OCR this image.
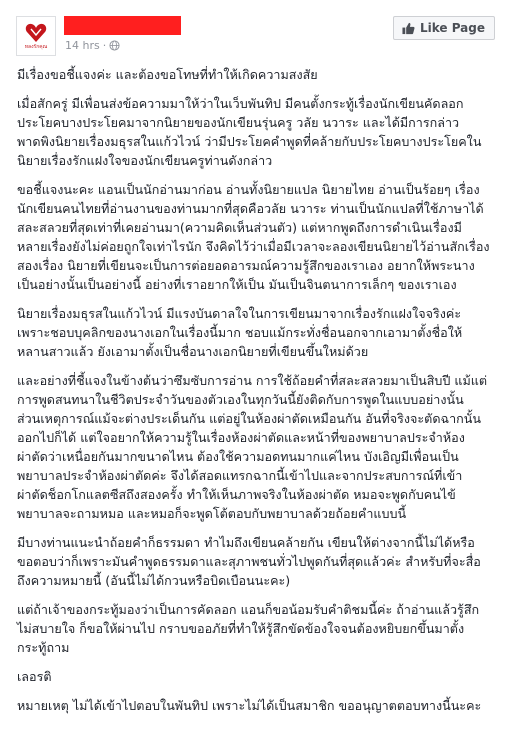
หลงรักคุณ 14 hrs ·
Like Page

มีเรื่องขอชี้แจงค่ะ และต้องขอโทษที่ทำให้เกิดความสงสัย

เมื่อสักครู่ มีเพื่อนส่งข้อความมาให้ว่าในเว็บพันทิป มีคนตั้งกระทู้เรื่องนักเขียนคัดลอกประโยคบางประโยคมาจากนิยายของนักเขียนรุ่นครู วลัย นวาระ และได้มีการกล่าวพาดพิงนิยายเรื่องมธุรสในแก้วไวน์ ว่ามีประโยคคำพูดที่คล้ายกับประโยคบางประโยคในนิยายเรื่องรักแฝงใจของนักเขียนครูท่านดังกล่าว

ขอชี้แจงนะคะ แอนเป็นนักอ่านมาก่อน อ่านทั้งนิยายแปล นิยายไทย อ่านเป็นร้อยๆ เรื่อง นักเขียนคนไทยที่อ่านงานของท่านมากที่สุดคือวลัย นวาระ ท่านเป็นนักแปลที่ใช้ภาษาได้สละสลวยที่สุดเท่าที่เคยอ่านมา(ความคิดเห็นส่วนตัว) แต่หากพูดถึงการดำเนินเรื่องมีหลายเรื่องยังไม่ค่อยถูกใจเท่าไรนัก จึงคิดไว้ว่าเมื่อมีเวลาจะลองเขียนนิยายไว้อ่านสักเรื่องสองเรื่อง นิยายที่เขียนจะเป็นการต่อยอดอารมณ์ความรู้สึกของเราเอง อยากให้พระนางเป็นอย่างนั้นเป็นอย่างนี้ อย่างที่เราอยากให้เป็น มันเป็นจินตนาการเล็กๆ ของเราเอง

นิยายเรื่องมธุรสในแก้วไวน์ มีแรงบันดาลใจในการเขียนมาจากเรื่องรักแฝงใจจริงค่ะ เพราะชอบบุคลิกของนางเอกในเรื่องนี้มาก ชอบแม้กระทั่งชื่อนอกจากเอามาตั้งชื่อให้หลานสาวแล้ว ยังเอามาตั้งเป็นชื่อนางเอกนิยายที่เขียนขึ้นใหม่ด้วย

และอย่างที่ชี้แจงในข้างต้นว่าซึมซับการอ่าน การใช้ถ้อยคำที่สละสลวยมาเป็นสิบปี แม้แต่การพูดสนทนาในชีวิตประจำวันของตัวเองในทุกวันนี้ยังติดกับการพูดในแบบอย่างนั้น ส่วนเหตุการณ์แม้จะต่างประเด็นกัน แต่อยู่ในห้องผ่าตัดเหมือนกัน อันที่จริงจะตัดฉากนั้นออกไปก็ได้ แต่ใจอยากให้ความรู้ในเรื่องห้องผ่าตัดและหน้าที่ของพยาบาลประจำห้องผ่าตัดว่าเหนื่อยกันมากขนาดไหน ต้องใช้ความอดทนมากแค่ไหน บังเอิญมีเพื่อนเป็นพยาบาลประจำห้องผ่าตัดค่ะ จึงได้สอดแทรกฉากนี้เข้าไปและจากประสบการณ์ที่เข้าผ่าตัดช็อกโกแลตซีสถึงสองครั้ง ทำให้เห็นภาพจริงในห้องผ่าตัด หมอจะพูดกับคนไข้ พยาบาลจะถามหมอ และหมอก็จะพูดโต้ตอบกับพยาบาลด้วยถ้อยคำแบบนี้

มีบางท่านแนะนำถ้อยคำก็ธรรมดา ทำไมถึงเขียนคล้ายกัน เขียนให้ต่างจากนี้ไม่ได้หรือ ขอตอบว่าก็เพราะมันคำพูดธรรมดาและสุภาพชนทั่วไปพูดกันที่สุดแล้วค่ะ สำหรับที่จะสื่อถึงความหมายนี้ (อันนี้ไม่ได้กวนหรือบิดเบือนนะคะ)

แต่ถ้าเจ้าของกระทู้มองว่าเป็นการคัดลอก แอนก็ขอน้อมรับคำติชมนี้ค่ะ ถ้าอ่านแล้วรู้สึกไม่สบายใจ ก็ขอให้ผ่านไป กราบขออภัยที่ทำให้รู้สึกขัดข้องใจจนต้องหยิบยกขึ้นมาตั้งกระทู้ถาม

เลอรติ

หมายเหตุ ไม่ได้เข้าไปตอบในพันทิป เพราะไม่ได้เป็นสมาชิก ขออนุญาตตอบทางนี้นะคะ
